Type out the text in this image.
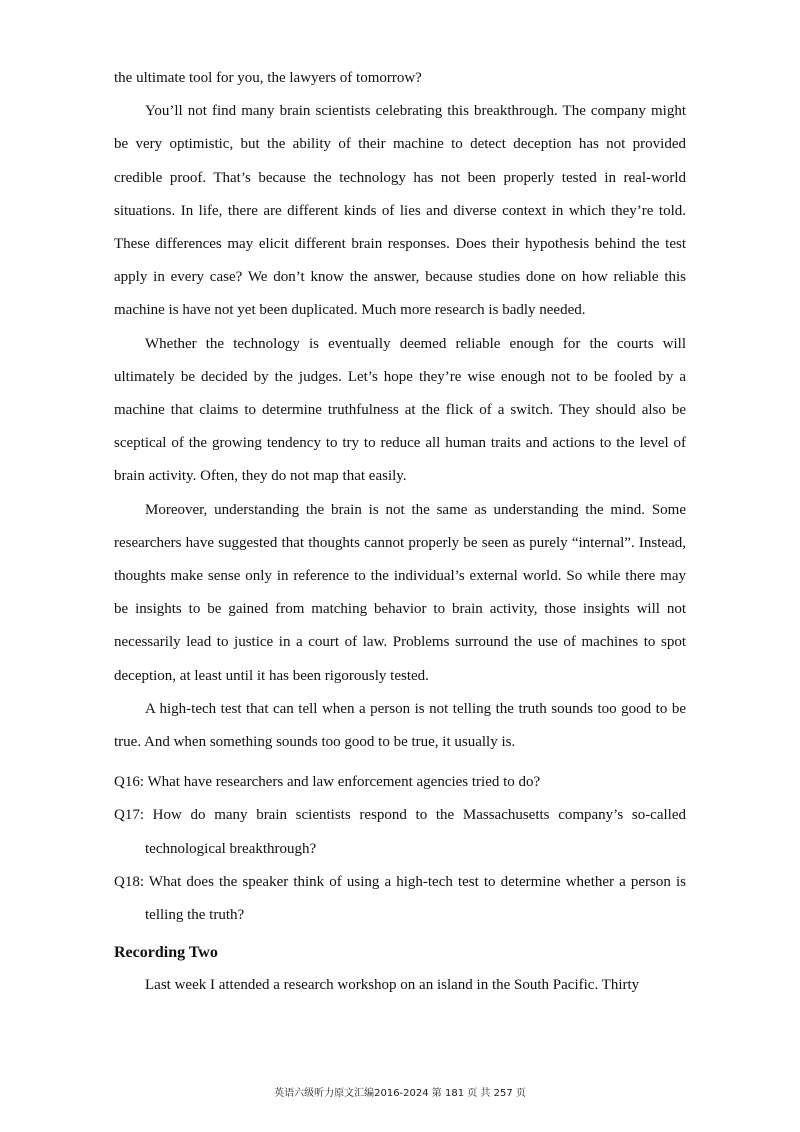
the ultimate tool for you, the lawyers of tomorrow?

You’ll not find many brain scientists celebrating this breakthrough. The company might be very optimistic, but the ability of their machine to detect deception has not provided credible proof. That’s because the technology has not been properly tested in real-world situations. In life, there are different kinds of lies and diverse context in which they’re told. These differences may elicit different brain responses. Does their hypothesis behind the test apply in every case? We don’t know the answer, because studies done on how reliable this machine is have not yet been duplicated. Much more research is badly needed.

Whether the technology is eventually deemed reliable enough for the courts will ultimately be decided by the judges. Let’s hope they’re wise enough not to be fooled by a machine that claims to determine truthfulness at the flick of a switch. They should also be sceptical of the growing tendency to try to reduce all human traits and actions to the level of brain activity. Often, they do not map that easily.

Moreover, understanding the brain is not the same as understanding the mind. Some researchers have suggested that thoughts cannot properly be seen as purely “internal”. Instead, thoughts make sense only in reference to the individual’s external world. So while there may be insights to be gained from matching behavior to brain activity, those insights will not necessarily lead to justice in a court of law. Problems surround the use of machines to spot deception, at least until it has been rigorously tested.

A high-tech test that can tell when a person is not telling the truth sounds too good to be true. And when something sounds too good to be true, it usually is.

Q16: What have researchers and law enforcement agencies tried to do?

Q17: How do many brain scientists respond to the Massachusetts company’s so-called technological breakthrough?

Q18: What does the speaker think of using a high-tech test to determine whether a person is telling the truth?

Recording Two

Last week I attended a research workshop on an island in the South Pacific. Thirty

英语六级听力原文汇编2016-2024 第 181 页 共 257 页
